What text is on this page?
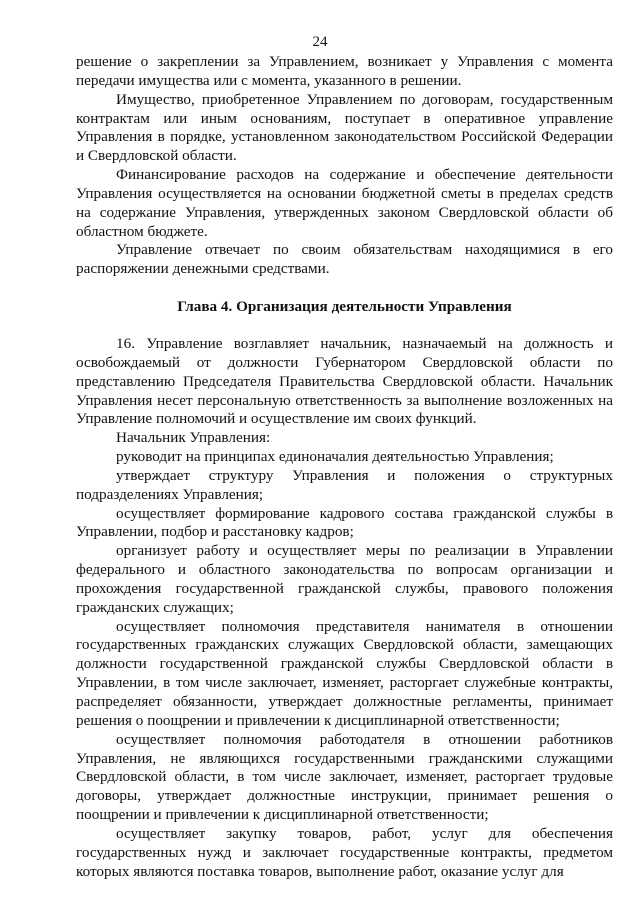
24

решение о закреплении за Управлением, возникает у Управления с момента передачи имущества или с момента, указанного в решении.

Имущество, приобретенное Управлением по договорам, государственным контрактам или иным основаниям, поступает в оперативное управление Управления в порядке, установленном законодательством Российской Федерации и Свердловской области.

Финансирование расходов на содержание и обеспечение деятельности Управления осуществляется на основании бюджетной сметы в пределах средств на содержание Управления, утвержденных законом Свердловской области об областном бюджете.

Управление отвечает по своим обязательствам находящимися в его распоряжении денежными средствами.

Глава 4. Организация деятельности Управления

16. Управление возглавляет начальник, назначаемый на должность и освобождаемый от должности Губернатором Свердловской области по представлению Председателя Правительства Свердловской области. Начальник Управления несет персональную ответственность за выполнение возложенных на Управление полномочий и осуществление им своих функций.

Начальник Управления:

руководит на принципах единоначалия деятельностью Управления;

утверждает структуру Управления и положения о структурных подразделениях Управления;

осуществляет формирование кадрового состава гражданской службы в Управлении, подбор и расстановку кадров;

организует работу и осуществляет меры по реализации в Управлении федерального и областного законодательства по вопросам организации и прохождения государственной гражданской службы, правового положения гражданских служащих;

осуществляет полномочия представителя нанимателя в отношении государственных гражданских служащих Свердловской области, замещающих должности государственной гражданской службы Свердловской области в Управлении, в том числе заключает, изменяет, расторгает служебные контракты, распределяет обязанности, утверждает должностные регламенты, принимает решения о поощрении и привлечении к дисциплинарной ответственности;

осуществляет полномочия работодателя в отношении работников Управления, не являющихся государственными гражданскими служащими Свердловской области, в том числе заключает, изменяет, расторгает трудовые договоры, утверждает должностные инструкции, принимает решения о поощрении и привлечении к дисциплинарной ответственности;

осуществляет закупку товаров, работ, услуг для обеспечения государственных нужд и заключает государственные контракты, предметом которых являются поставка товаров, выполнение работ, оказание услуг для
